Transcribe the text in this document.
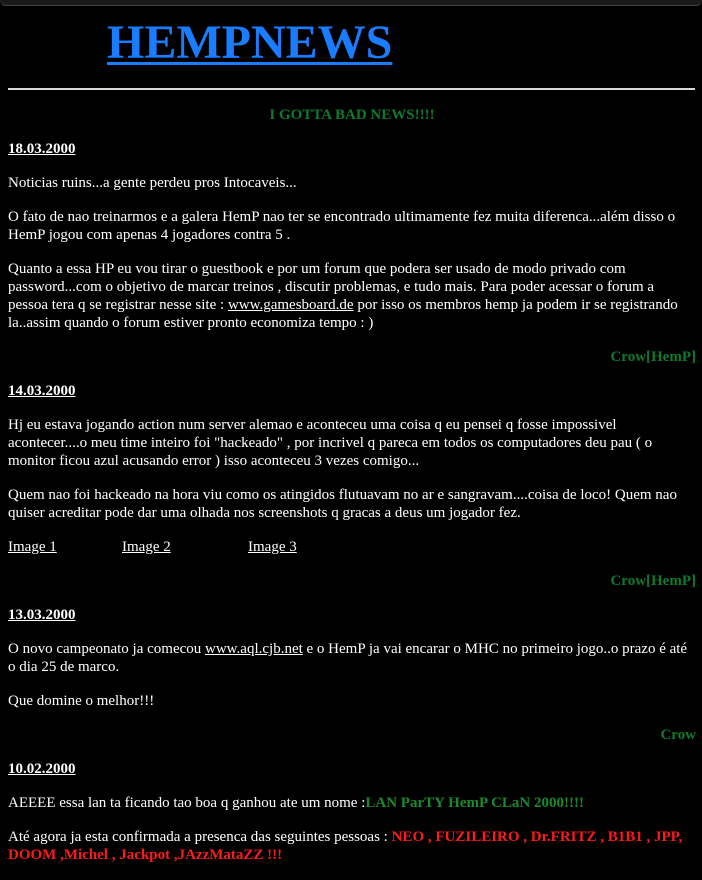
HEMPNEWS
I GOTTA BAD NEWS!!!!
18.03.2000

Noticias ruins...a gente perdeu pros Intocaveis...

O fato de nao treinarmos e a galera HemP nao ter se encontrado ultimamente fez muita diferenca...além disso o HemP jogou com apenas 4 jogadores contra 5 .

Quanto a essa HP eu vou tirar o guestbook e por um forum que podera ser usado de modo privado com password...com o objetivo de marcar treinos , discutir problemas, e tudo mais. Para poder acessar o forum a pessoa tera q se registrar nesse site : www.gamesboard.de por isso os membros hemp ja podem ir se registrando la..assim quando o forum estiver pronto economiza tempo : )

Crow[HemP]
14.03.2000

Hj eu estava jogando action num server alemao e aconteceu uma coisa q eu pensei q fosse impossivel acontecer....o meu time inteiro foi "hackeado" , por incrivel q pareca em todos os computadores deu pau ( o monitor ficou azul acusando error ) isso aconteceu 3 vezes comigo...

Quem nao foi hackeado na hora viu como os atingidos flutuavam no ar e sangravam....coisa de loco! Quem nao quiser acreditar pode dar uma olhada nos screenshots q gracas a deus um jogador fez.

Image 1	Image 2	Image 3
Crow[HemP]
13.03.2000

O novo campeonato ja comecou www.aql.cjb.net e o HemP ja vai encarar o MHC no primeiro jogo..o prazo é até o dia 25 de marco.

Que domine o melhor!!!

Crow
10.02.2000

AEEEE essa lan ta ficando tao boa q ganhou ate um nome :LAN ParTY HemP CLaN 2000!!!!

Até agora ja esta confirmada a presenca das seguintes pessoas : NEO , FUZILEIRO , Dr.FRITZ , B1B1 , JPP, DOOM ,Michel , Jackpot ,JAzzMataZZ !!!
